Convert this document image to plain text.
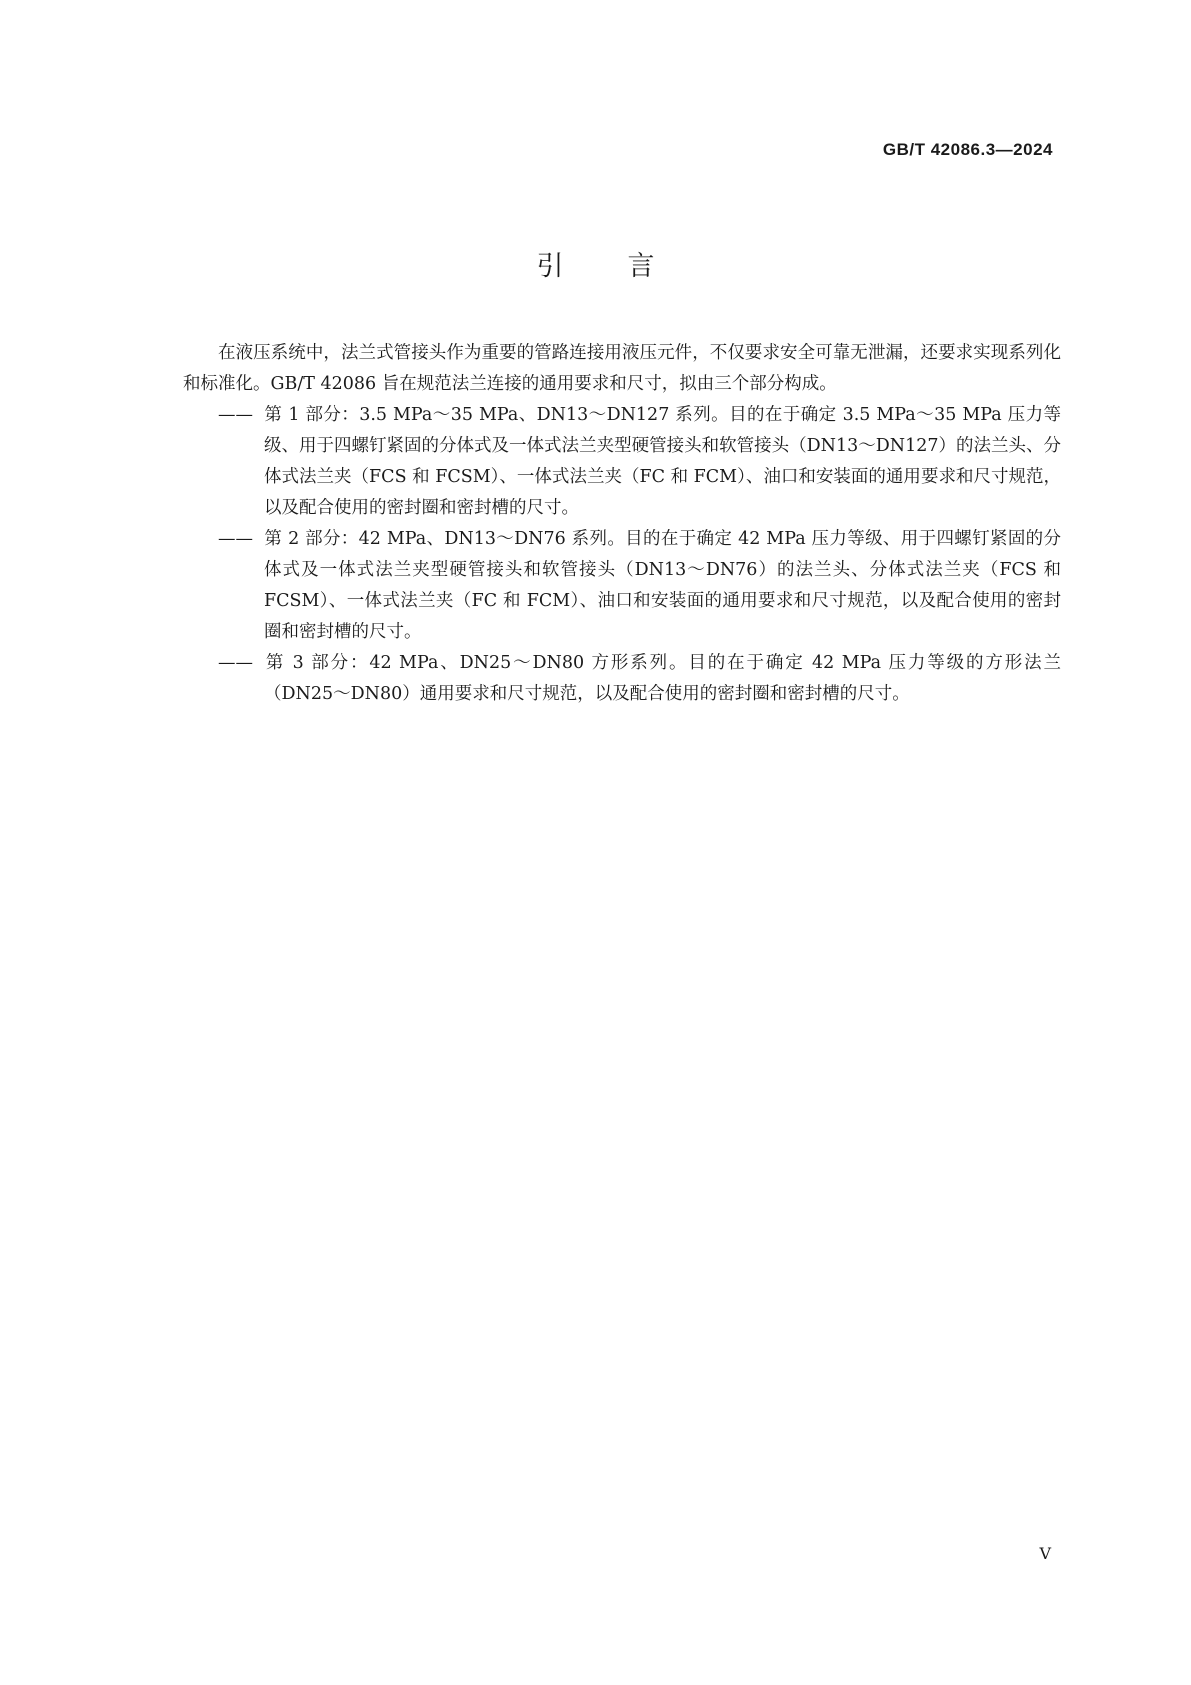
GB/T 42086.3—2024
引言

在液压系统中，法兰式管接头作为重要的管路连接用液压元件，不仅要求安全可靠无泄漏，还要求实现系列化和标准化。GB/T 42086 旨在规范法兰连接的通用要求和尺寸，拟由三个部分构成。

—— 第 1 部分：3.5 MPa～35 MPa、DN13～DN127 系列。目的在于确定 3.5 MPa～35 MPa 压力等级、用于四螺钉紧固的分体式及一体式法兰夹型硬管接头和软管接头（DN13～DN127）的法兰头、分体式法兰夹（FCS 和 FCSM）、一体式法兰夹（FC 和 FCM）、油口和安装面的通用要求和尺寸规范，以及配合使用的密封圈和密封槽的尺寸。

—— 第 2 部分：42 MPa、DN13～DN76 系列。目的在于确定 42 MPa 压力等级、用于四螺钉紧固的分体式及一体式法兰夹型硬管接头和软管接头（DN13～DN76）的法兰头、分体式法兰夹（FCS 和 FCSM）、一体式法兰夹（FC 和 FCM）、油口和安装面的通用要求和尺寸规范，以及配合使用的密封圈和密封槽的尺寸。

—— 第 3 部分：42 MPa、DN25～DN80 方形系列。目的在于确定 42 MPa 压力等级的方形法兰（DN25～DN80）通用要求和尺寸规范，以及配合使用的密封圈和密封槽的尺寸。

V
